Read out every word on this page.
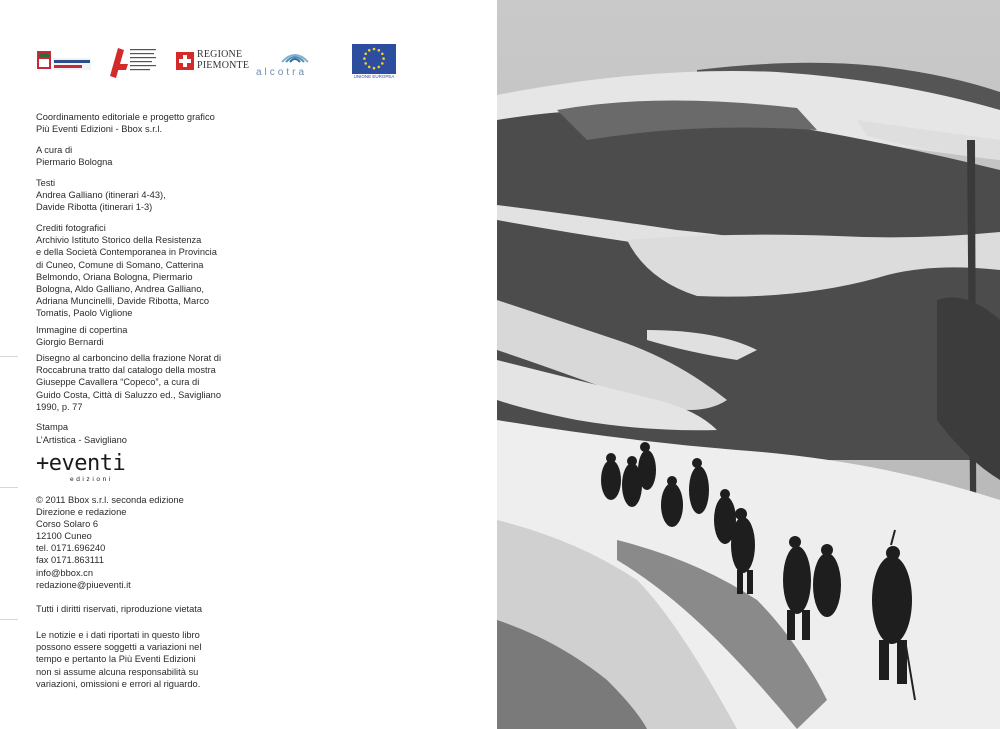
REGIONE
PIEMONTE
alcotra	UNIONE EUROPEA

Coordinamento editoriale e progetto grafico

Più Eventi Edizioni - Bbox s.r.l.

A cura di

Piermario Bologna

Testi

Andrea Galliano (itinerari 4-43),

Davide Ribotta (itinerari 1-3)

Crediti fotografici

Archivio Istituto Storico della Resistenza

e della Società Contemporanea in Provincia

di Cuneo, Comune di Somano, Catterina

Belmondo, Oriana Bologna, Piermario

Bologna, Aldo Galliano, Andrea Galliano,

Adriana Muncinelli, Davide Ribotta, Marco

Tomatis, Paolo Viglione

Immagine di copertina

Giorgio Bernardi

Disegno al carboncino della frazione Norat di

Roccabruna tratto dal catalogo della mostra

Giuseppe Cavallera “Copeco”, a cura di

Guido Costa, Città di Saluzzo ed., Savigliano

1990, p. 77

Stampa

L’Artistica - Savigliano

+eventi
edizioni

© 2011 Bbox s.r.l. seconda edizione

Direzione e redazione

Corso Solaro 6

12100 Cuneo

tel. 0171.696240

fax 0171.863111

info@bbox.cn

redazione@piueventi.it

Tutti i diritti riservati, riproduzione vietata

Le notizie e i dati riportati in questo libro

possono essere soggetti a variazioni nel

tempo e pertanto la Più Eventi Edizioni

non si assume alcuna responsabilità su

variazioni, omissioni e errori al riguardo.
